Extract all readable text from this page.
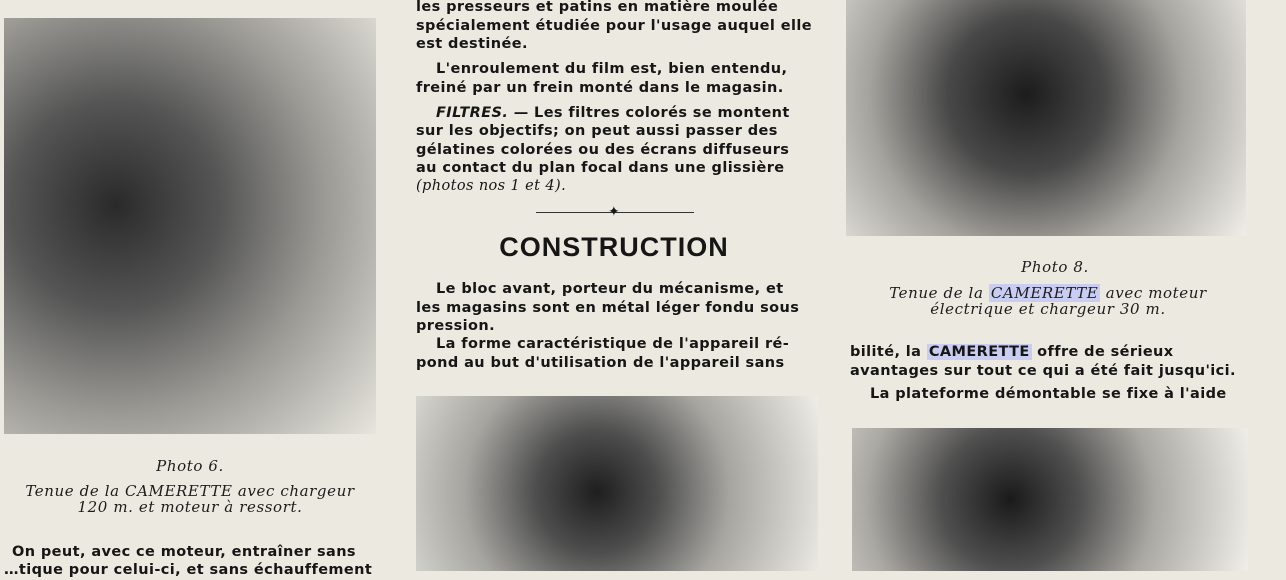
Photo 6.
Tenue de la CAMERETTE avec chargeur
120 m. et moteur à ressort.

On peut, avec ce moteur, entraîner sans

…tique pour celui-ci, et sans échauffement

les presseurs et patins en matière moulée

spécialement étudiée pour l'usage auquel elle

est destinée.

L'enroulement du film est, bien entendu,

freiné par un frein monté dans le magasin.

FILTRES. — Les filtres colorés se montent

sur les objectifs; on peut aussi passer des

gélatines colorées ou des écrans diffuseurs

au contact du plan focal dans une glissière

(photos nos 1 et 4).

✦
CONSTRUCTION

Le bloc avant, porteur du mécanisme, et

les magasins sont en métal léger fondu sous

pression.

La forme caractéristique de l'appareil ré-

pond au but d'utilisation de l'appareil sans

Photo 8.
Tenue de la CAMERETTE avec moteur
électrique et chargeur 30 m.

bilité, la CAMERETTE offre de sérieux

avantages sur tout ce qui a été fait jusqu'ici.

La plateforme démontable se fixe à l'aide
